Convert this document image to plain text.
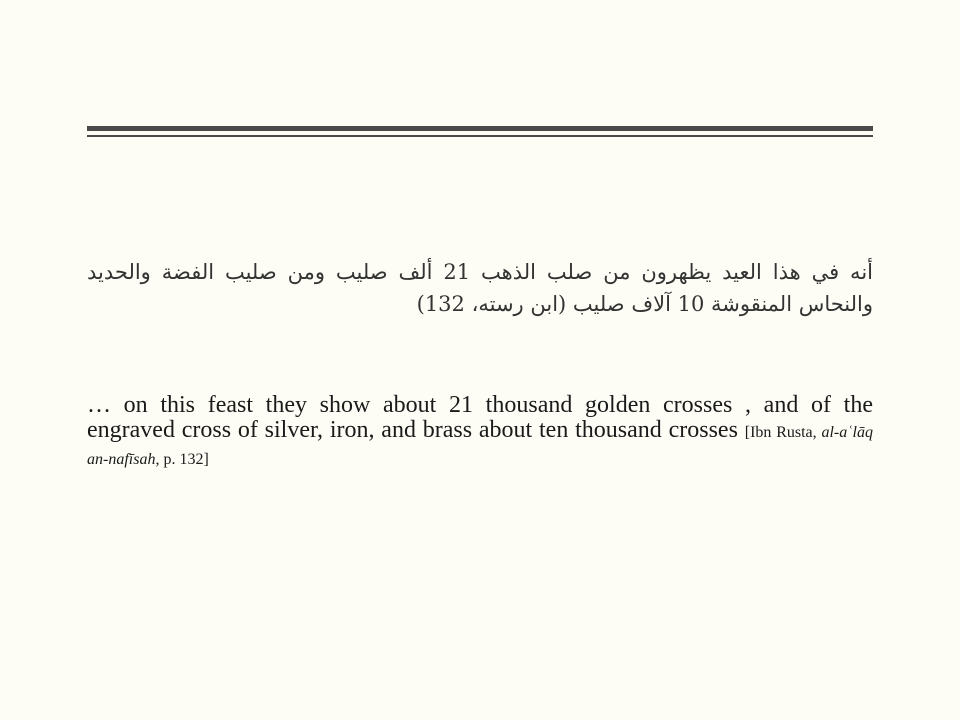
أنه في هذا العيد يظهرون من صلب الذهب 21 ألف صليب ومن صليب الفضة والحديد والنحاس المنقوشة 10 آلاف صليب (ابن رسته، 132)

… on this feast they show about 21 thousand golden crosses , and of the engraved cross of silver, iron, and brass about ten thousand crosses [Ibn Rusta, al-aʿlāq an-nafīsah, p. 132]
